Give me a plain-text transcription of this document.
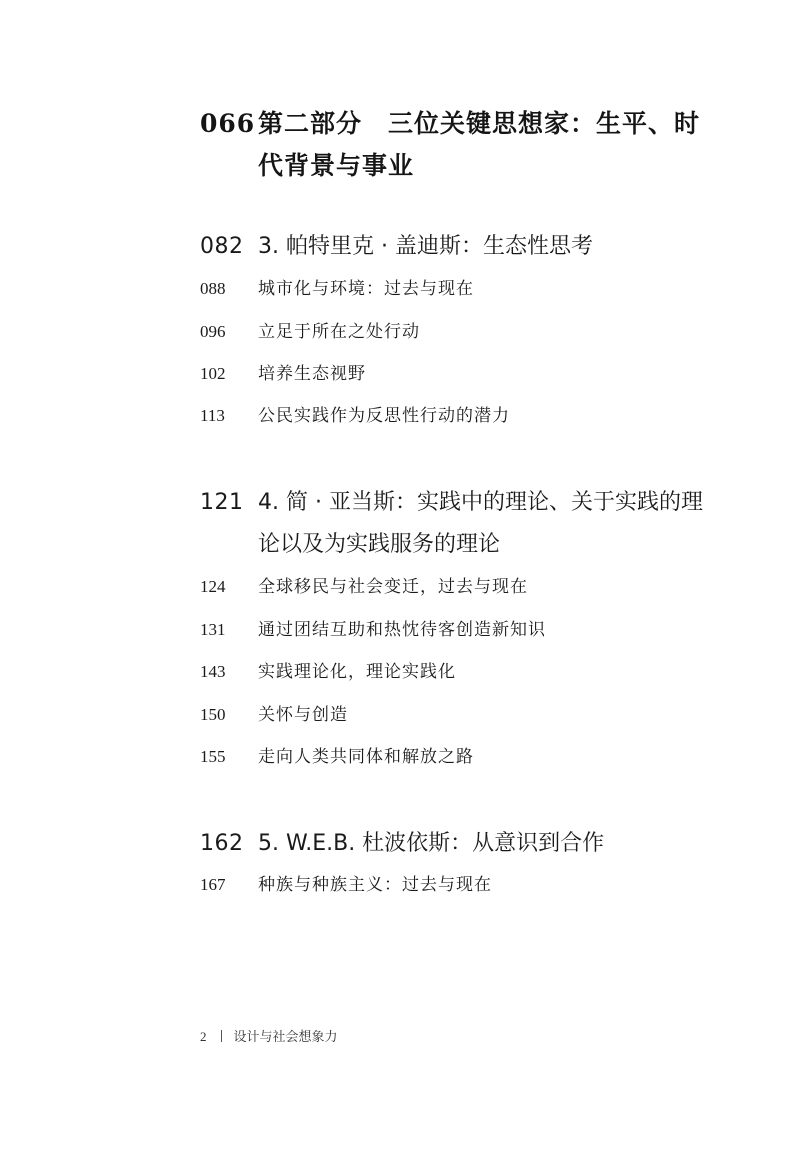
066 第二部分　三位关键思想家：生平、时代背景与事业
082 3. 帕特里克 · 盖迪斯：生态性思考
088 城市化与环境：过去与现在
096 立足于所在之处行动
102 培养生态视野
113 公民实践作为反思性行动的潜力
121 4. 简 · 亚当斯：实践中的理论、关于实践的理论以及为实践服务的理论
124 全球移民与社会变迁，过去与现在
131 通过团结互助和热忱待客创造新知识
143 实践理论化，理论实践化
150 关怀与创造
155 走向人类共同体和解放之路
162 5. W.E.B. 杜波依斯：从意识到合作
167 种族与种族主义：过去与现在
2 设计与社会想象力
